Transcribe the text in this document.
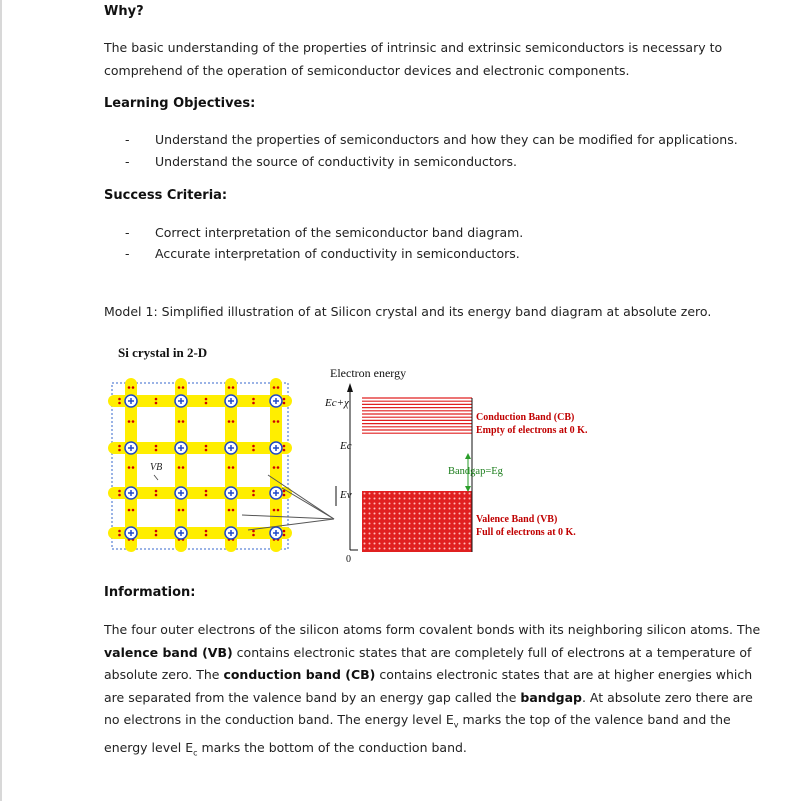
Why?
The basic understanding of the properties of intrinsic and extrinsic semiconductors is necessary to comprehend of the operation of semiconductor devices and electronic components.
Learning Objectives:
- Understand the properties of semiconductors and how they can be modified for applications.
- Understand the source of conductivity in semiconductors.
Success Criteria:
- Correct interpretation of the semiconductor band diagram.
- Accurate interpretation of conductivity in semiconductors.
Model 1: Simplified illustration of at Silicon crystal and its energy band diagram at absolute zero.
Si crystal in 2-D
VB
Electron energy
0
Ec+χ
Ec
Ev
Bandgap=Eg
Conduction Band (CB)
Empty of electrons at 0 K.
Valence Band (VB)
Full of electrons at 0 K.
Information:
The four outer electrons of the silicon atoms form covalent bonds with its neighboring silicon atoms. The valence band (VB) contains electronic states that are completely full of electrons at a temperature of absolute zero. The conduction band (CB) contains electronic states that are at higher energies which are separated from the valence band by an energy gap called the bandgap. At absolute zero there are no electrons in the conduction band. The energy level $E_v$ marks the top of the valence band and the energy level $E_c$ marks the bottom of the conduction band.
